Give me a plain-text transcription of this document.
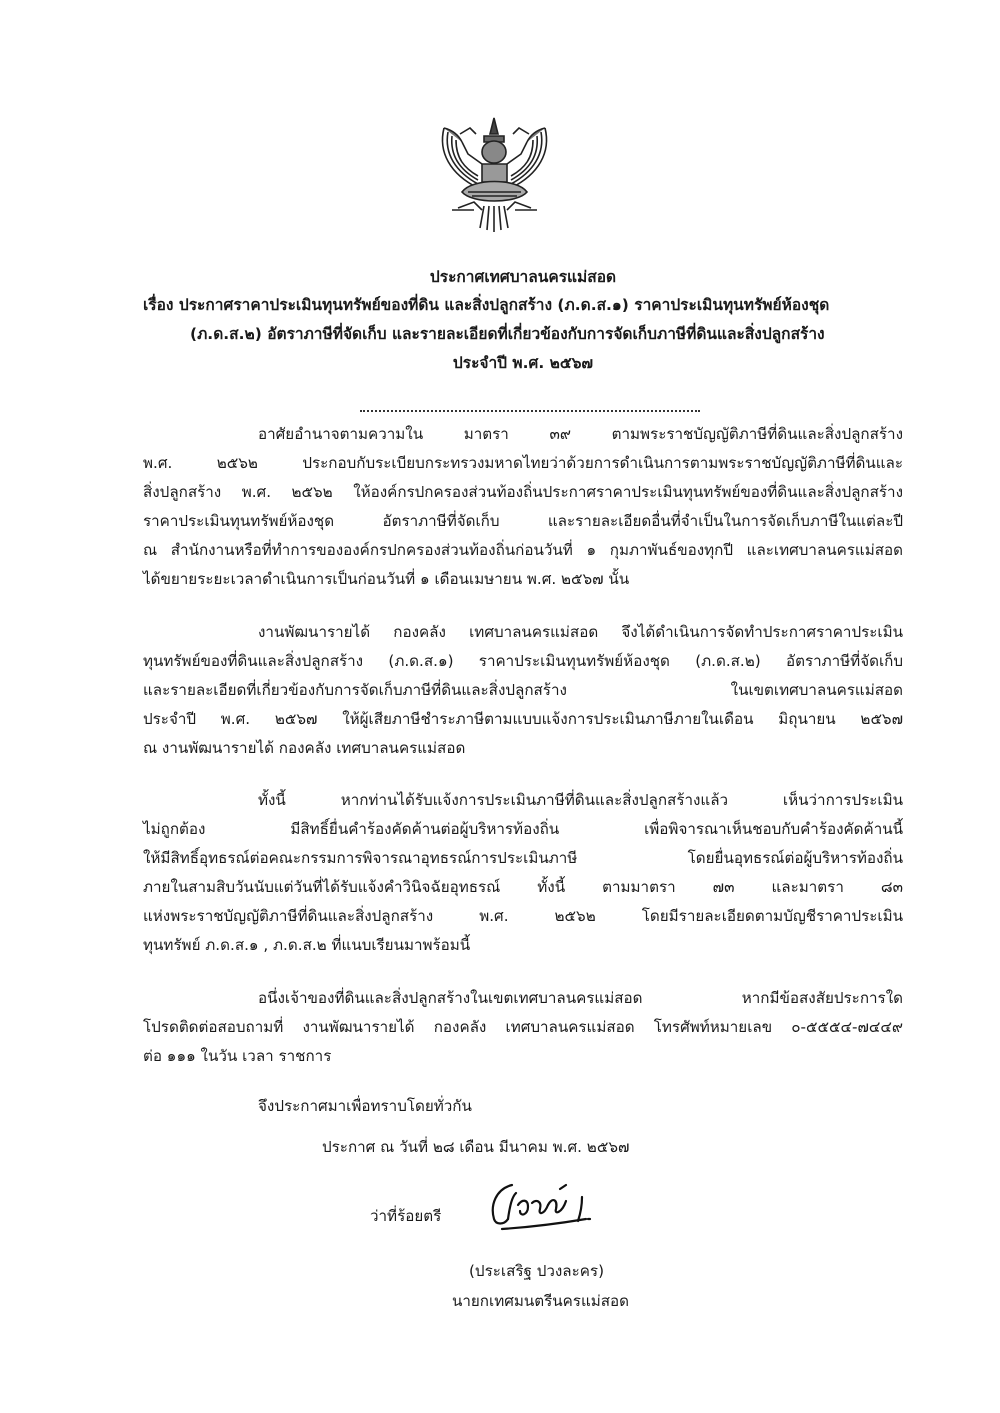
ประกาศเทศบาลนครแม่สอด
เรื่อง ประกาศราคาประเมินทุนทรัพย์ของที่ดิน และสิ่งปลูกสร้าง (ภ.ด.ส.๑) ราคาประเมินทุนทรัพย์ห้องชุด
(ภ.ด.ส.๒) อัตราภาษีที่จัดเก็บ และรายละเอียดที่เกี่ยวข้องกับการจัดเก็บภาษีที่ดินและสิ่งปลูกสร้าง
ประจำปี พ.ศ. ๒๕๖๗
อาศัยอำนาจตามความใน มาตรา ๓๙ ตามพระราชบัญญัติภาษีที่ดินและสิ่งปลูกสร้าง
พ.ศ. ๒๕๖๒ ประกอบกับระเบียบกระทรวงมหาดไทยว่าด้วยการดำเนินการตามพระราชบัญญัติภาษีที่ดินและ
สิ่งปลูกสร้าง พ.ศ. ๒๕๖๒ ให้องค์กรปกครองส่วนท้องถิ่นประกาศราคาประเมินทุนทรัพย์ของที่ดินและสิ่งปลูกสร้าง
ราคาประเมินทุนทรัพย์ห้องชุด อัตราภาษีที่จัดเก็บ และรายละเอียดอื่นที่จำเป็นในการจัดเก็บภาษีในแต่ละปี
ณ สำนักงานหรือที่ทำการขององค์กรปกครองส่วนท้องถิ่นก่อนวันที่ ๑ กุมภาพันธ์ของทุกปี และเทศบาลนครแม่สอด
ได้ขยายระยะเวลาดำเนินการเป็นก่อนวันที่ ๑ เดือนเมษายน พ.ศ. ๒๕๖๗ นั้น
งานพัฒนารายได้ กองคลัง เทศบาลนครแม่สอด จึงได้ดำเนินการจัดทำประกาศราคาประเมิน
ทุนทรัพย์ของที่ดินและสิ่งปลูกสร้าง (ภ.ด.ส.๑) ราคาประเมินทุนทรัพย์ห้องชุด (ภ.ด.ส.๒) อัตราภาษีที่จัดเก็บ
และรายละเอียดที่เกี่ยวข้องกับการจัดเก็บภาษีที่ดินและสิ่งปลูกสร้าง ในเขตเทศบาลนครแม่สอด
ประจำปี พ.ศ. ๒๕๖๗ ให้ผู้เสียภาษีชำระภาษีตามแบบแจ้งการประเมินภาษีภายในเดือน มิถุนายน ๒๕๖๗
ณ งานพัฒนารายได้ กองคลัง เทศบาลนครแม่สอด
ทั้งนี้ หากท่านได้รับแจ้งการประเมินภาษีที่ดินและสิ่งปลูกสร้างแล้ว เห็นว่าการประเมิน
ไม่ถูกต้อง มีสิทธิ์ยื่นคำร้องคัดค้านต่อผู้บริหารท้องถิ่น เพื่อพิจารณาเห็นชอบกับคำร้องคัดค้านนี้
ให้มีสิทธิ์อุทธรณ์ต่อคณะกรรมการพิจารณาอุทธรณ์การประเมินภาษี โดยยื่นอุทธรณ์ต่อผู้บริหารท้องถิ่น
ภายในสามสิบวันนับแต่วันที่ได้รับแจ้งคำวินิจฉัยอุทธรณ์ ทั้งนี้ ตามมาตรา ๗๓ และมาตรา ๘๓
แห่งพระราชบัญญัติภาษีที่ดินและสิ่งปลูกสร้าง พ.ศ. ๒๕๖๒ โดยมีรายละเอียดตามบัญชีราคาประเมิน
ทุนทรัพย์ ภ.ด.ส.๑ , ภ.ด.ส.๒ ที่แนบเรียนมาพร้อมนี้
อนึ่งเจ้าของที่ดินและสิ่งปลูกสร้างในเขตเทศบาลนครแม่สอด หากมีข้อสงสัยประการใด
โปรดติดต่อสอบถามที่ งานพัฒนารายได้ กองคลัง เทศบาลนครแม่สอด โทรศัพท์หมายเลข ๐-๕๕๕๔-๗๔๔๙
ต่อ ๑๑๑ ในวัน เวลา ราชการ
จึงประกาศมาเพื่อทราบโดยทั่วกัน
ประกาศ ณ วันที่ ๒๘ เดือน มีนาคม พ.ศ. ๒๕๖๗
ว่าที่ร้อยตรี
(ประเสริฐ ปวงละคร)
นายกเทศมนตรีนครแม่สอด
